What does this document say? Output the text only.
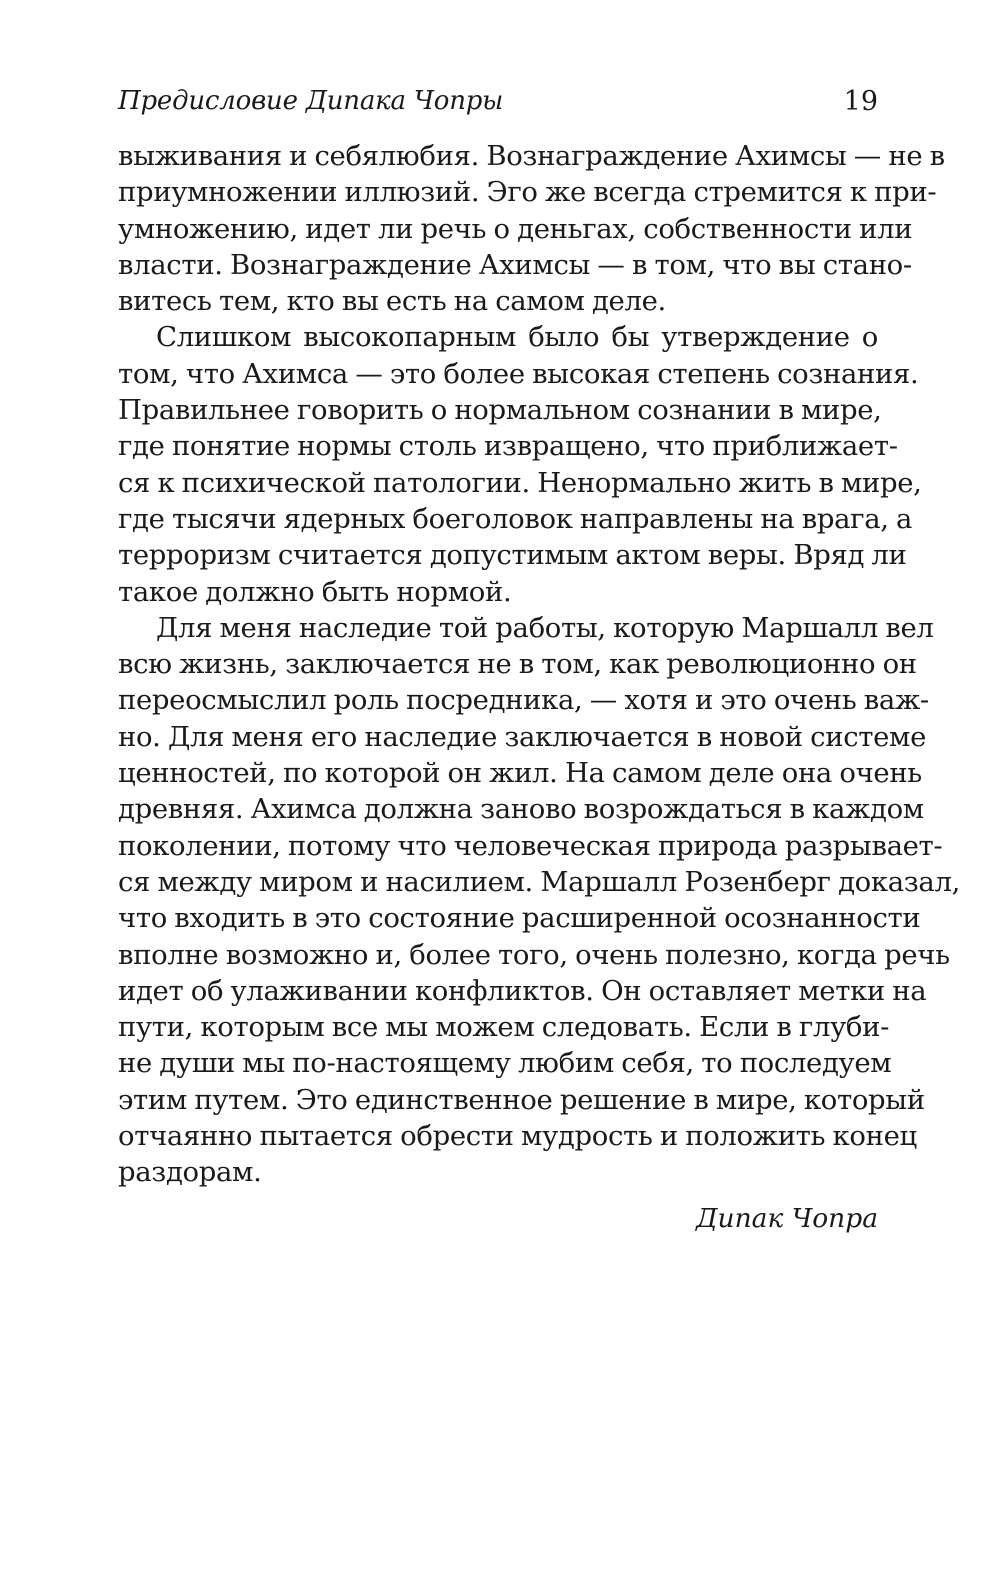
Предисловие Дипака Чопры	19
выживания и себялюбия. Вознаграждение Ахимсы — не в
приумножении иллюзий. Эго же всегда стремится к при-
умножению, идет ли речь о деньгах, собственности или
власти. Вознаграждение Ахимсы — в том, что вы стано-
витесь тем, кто вы есть на самом деле.
Слишком высокопарным было бы утверждение о
том, что Ахимса — это более высокая степень сознания.
Правильнее говорить о нормальном сознании в мире,
где понятие нормы столь извращено, что приближает-
ся к психической патологии. Ненормально жить в мире,
где тысячи ядерных боеголовок направлены на врага, а
терроризм считается допустимым актом веры. Вряд ли
такое должно быть нормой.
Для меня наследие той работы, которую Маршалл вел
всю жизнь, заключается не в том, как революционно он
переосмыслил роль посредника, — хотя и это очень важ-
но. Для меня его наследие заключается в новой системе
ценностей, по которой он жил. На самом деле она очень
древняя. Ахимса должна заново возрождаться в каждом
поколении, потому что человеческая природа разрывает-
ся между миром и насилием. Маршалл Розенберг доказал,
что входить в это состояние расширенной осознанности
вполне возможно и, более того, очень полезно, когда речь
идет об улаживании конфликтов. Он оставляет метки на
пути, которым все мы можем следовать. Если в глуби-
не души мы по-настоящему любим себя, то последуем
этим путем. Это единственное решение в мире, который
отчаянно пытается обрести мудрость и положить конец
раздорам.
Дипак Чопра
